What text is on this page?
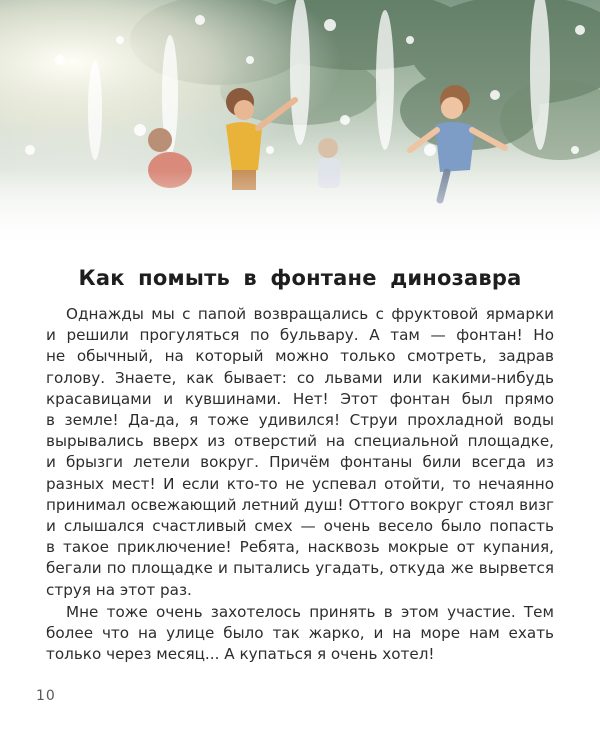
Как помыть в фонтане динозавра

Однажды мы с папой возвращались с фруктовой ярмарки
и решили прогуляться по бульвару. А там — фонтан! Но
не обычный, на который можно только смотреть, задрав
голову. Знаете, как бывает: со львами или какими-нибудь
красавицами и кувшинами. Нет! Этот фонтан был прямо
в земле! Да-да, я тоже удивился! Струи прохладной воды
вырывались вверх из отверстий на специальной площадке,
и брызги летели вокруг. Причём фонтаны били всегда из
разных мест! И если кто-то не успевал отойти, то нечаянно
принимал освежающий летний душ! Оттого вокруг стоял визг
и слышался счастливый смех — очень весело было попасть
в такое приключение! Ребята, насквозь мокрые от купания,
бегали по площадке и пытались угадать, откуда же вырвется
струя на этот раз.

Мне тоже очень захотелось принять в этом участие. Тем
более что на улице было так жарко, и на море нам ехать
только через месяц... А купаться я очень хотел!

10
